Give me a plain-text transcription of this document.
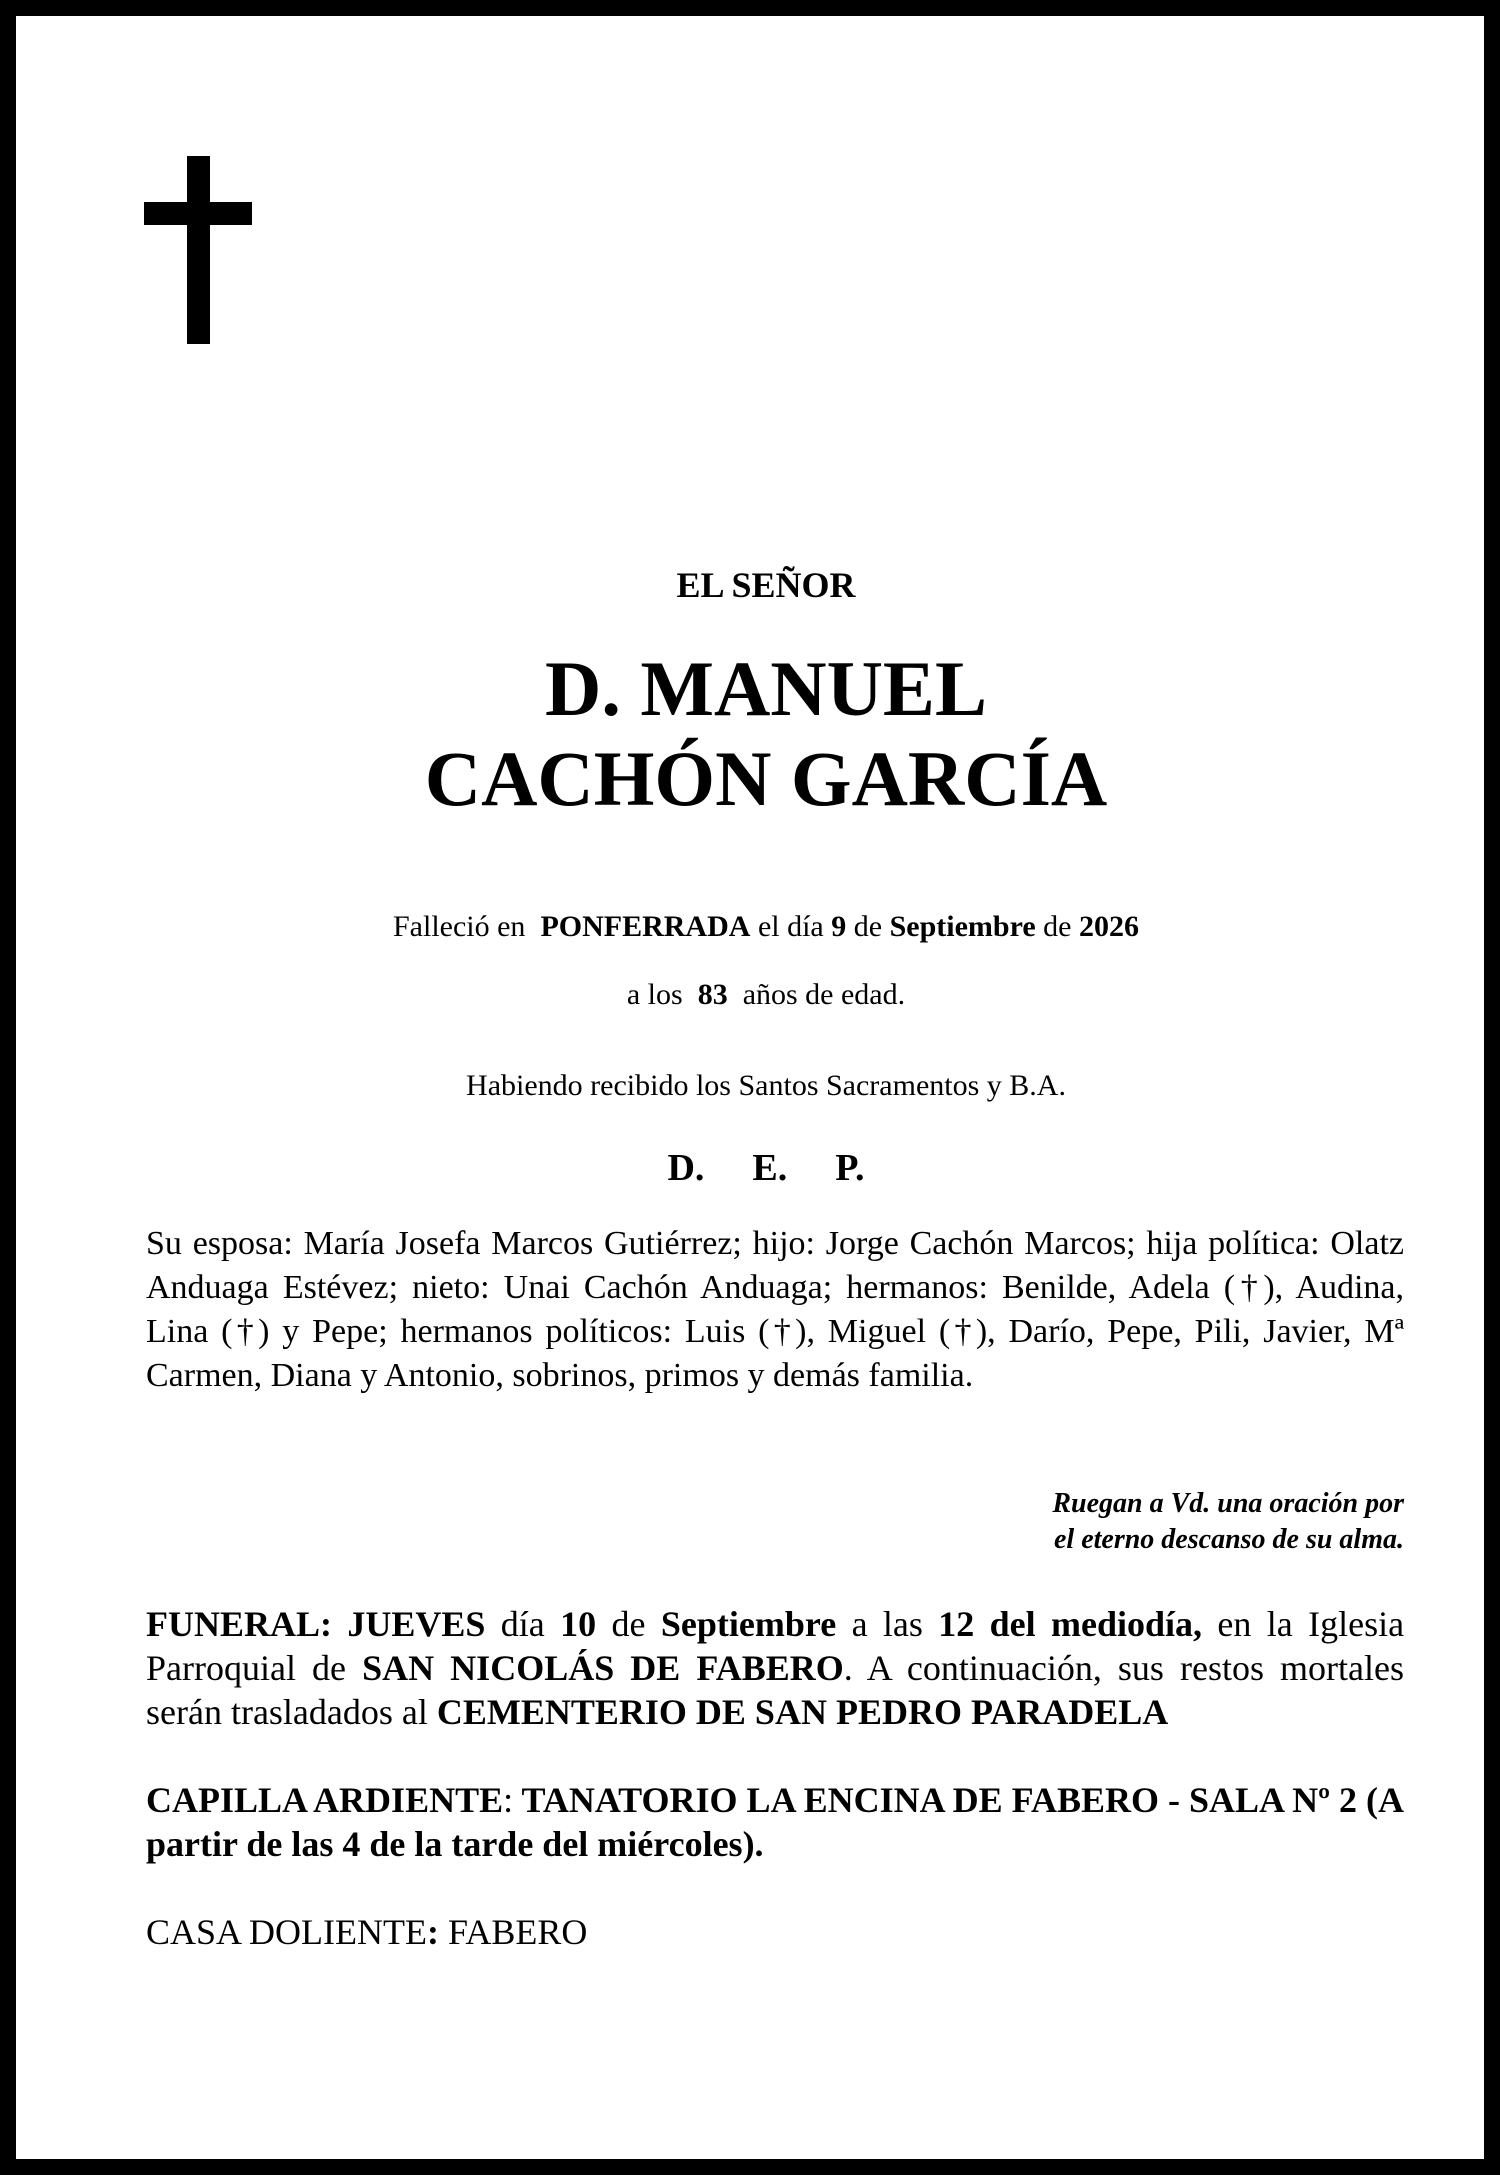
EL SEÑOR
D. MANUEL
CACHÓN GARCÍA
Falleció en PONFERRADA el día 9 de Septiembre de 2026
a los 83 años de edad.
Habiendo recibido los Santos Sacramentos y B.A.
D. E. P.
Su esposa: María Josefa Marcos Gutiérrez; hijo: Jorge Cachón Marcos; hija política: Olatz Anduaga Estévez; nieto: Unai Cachón Anduaga; hermanos: Benilde, Adela (†), Audina, Lina (†) y Pepe; hermanos políticos: Luis (†), Miguel (†), Darío, Pepe, Pili, Javier, Mª Carmen, Diana y Antonio, sobrinos, primos y demás familia.
Ruegan a Vd. una oración por
el eterno descanso de su alma.
FUNERAL: JUEVES día 10 de Septiembre a las 12 del mediodía, en la Iglesia Parroquial de SAN NICOLÁS DE FABERO. A continuación, sus restos mortales serán trasladados al CEMENTERIO DE SAN PEDRO PARADELA
CAPILLA ARDIENTE: TANATORIO LA ENCINA DE FABERO - SALA Nº 2 (A partir de las 4 de la tarde del miércoles).
CASA DOLIENTE: FABERO
